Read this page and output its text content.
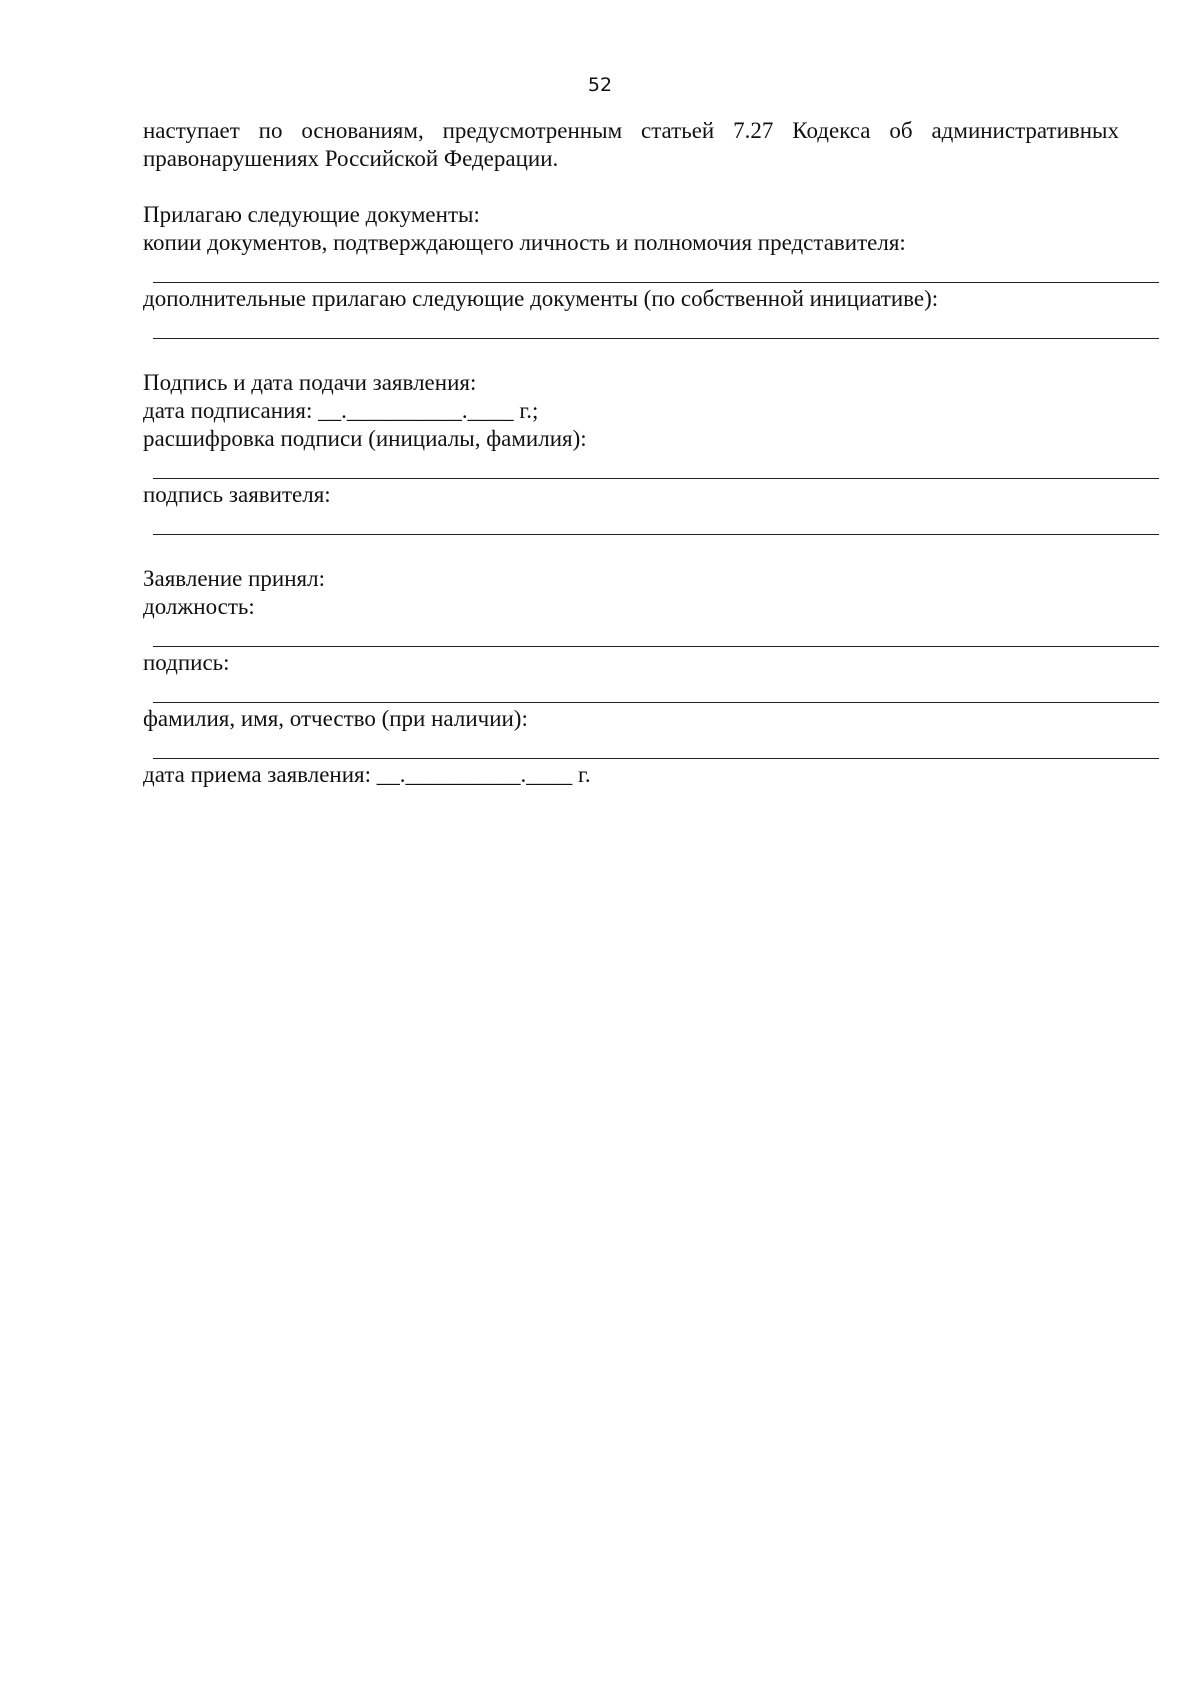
52
наступает по основаниям, предусмотренным статьей 7.27 Кодекса об административных
правонарушениях Российской Федерации.
Прилагаю следующие документы:
копии документов, подтверждающего личность и полномочия представителя:
дополнительные прилагаю следующие документы (по собственной инициативе):
Подпись и дата подачи заявления:
дата подписания: __.__________.____ г.;
расшифровка подписи (инициалы, фамилия):
подпись заявителя:
Заявление принял:
должность:
подпись:
фамилия, имя, отчество (при наличии):
дата приема заявления: __.__________.____ г.
